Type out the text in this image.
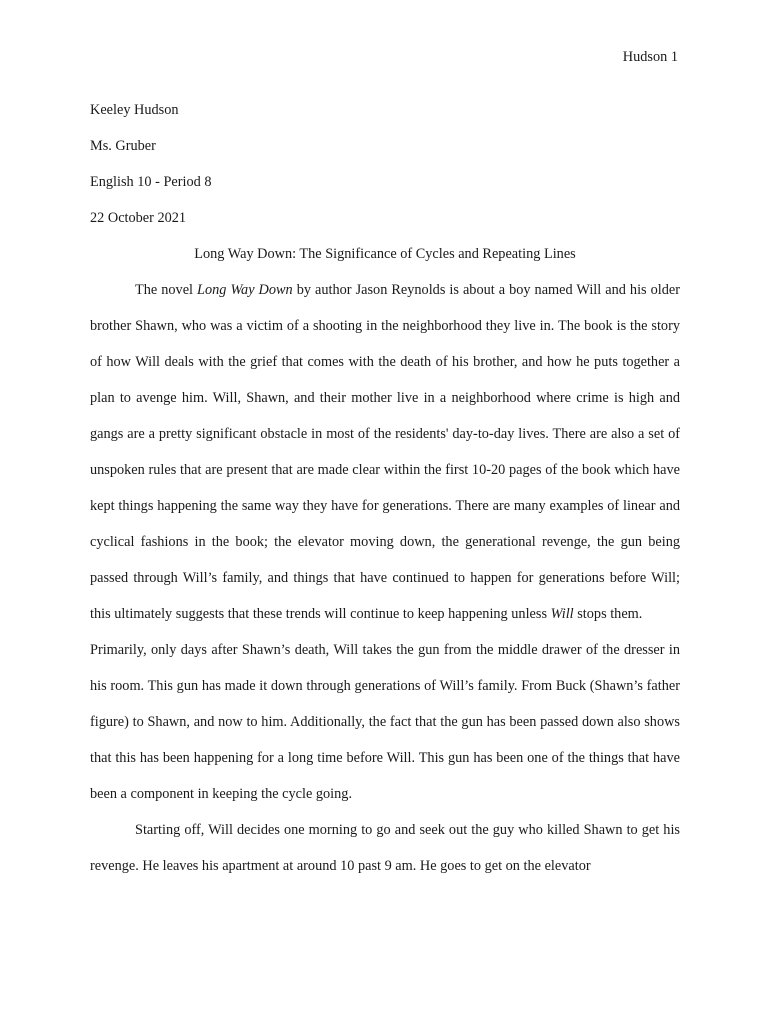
Hudson 1
Keeley Hudson
Ms. Gruber
English 10 - Period 8
22 October 2021
Long Way Down: The Significance of Cycles and Repeating Lines

The novel Long Way Down by author Jason Reynolds is about a boy named Will and his older brother Shawn, who was a victim of a shooting in the neighborhood they live in. The book is the story of how Will deals with the grief that comes with the death of his brother, and how he puts together a plan to avenge him. Will, Shawn, and their mother live in a neighborhood where crime is high and gangs are a pretty significant obstacle in most of the residents' day-to-day lives. There are also a set of unspoken rules that are present that are made clear within the first 10-20 pages of the book which have kept things happening the same way they have for generations. There are many examples of linear and cyclical fashions in the book; the elevator moving down, the generational revenge, the gun being passed through Will’s family, and things that have continued to happen for generations before Will; this ultimately suggests that these trends will continue to keep happening unless Will stops them.

Primarily, only days after Shawn’s death, Will takes the gun from the middle drawer of the dresser in his room. This gun has made it down through generations of Will’s family. From Buck (Shawn’s father figure) to Shawn, and now to him. Additionally, the fact that the gun has been passed down also shows that this has been happening for a long time before Will. This gun has been one of the things that have been a component in keeping the cycle going.

Starting off, Will decides one morning to go and seek out the guy who killed Shawn to get his revenge. He leaves his apartment at around 10 past 9 am. He goes to get on the elevator
